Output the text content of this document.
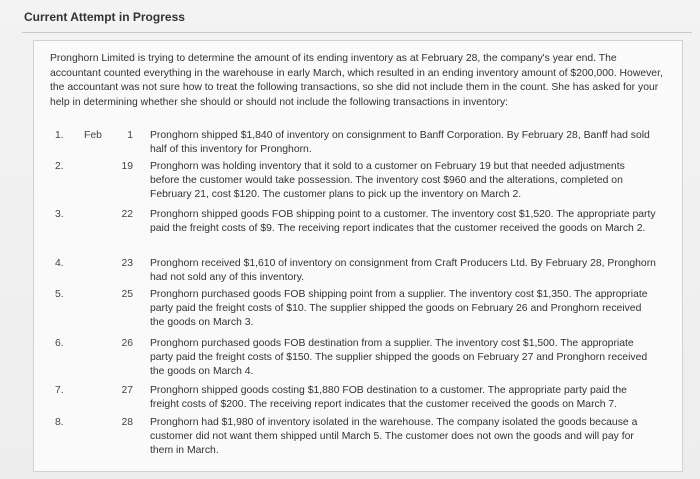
Current Attempt in Progress
Pronghorn Limited is trying to determine the amount of its ending inventory as at February 28, the company's year end. The accountant counted everything in the warehouse in early March, which resulted in an ending inventory amount of $200,000. However, the accountant was not sure how to treat the following transactions, so she did not include them in the count. She has asked for your help in determining whether she should or should not include the following transactions in inventory:
1.	Feb	1 Pronghorn shipped $1,840 of inventory on consignment to Banff Corporation. By February 28, Banff had sold half of this inventory for Pronghorn.
2.	19 Pronghorn was holding inventory that it sold to a customer on February 19 but that needed adjustments before the customer would take possession. The inventory cost $960 and the alterations, completed on February 21, cost $120. The customer plans to pick up the inventory on March 2.
3.	22 Pronghorn shipped goods FOB shipping point to a customer. The inventory cost $1,520. The appropriate party paid the freight costs of $9. The receiving report indicates that the customer received the goods on March 2.
4.	23 Pronghorn received $1,610 of inventory on consignment from Craft Producers Ltd. By February 28, Pronghorn had not sold any of this inventory.
5.	25 Pronghorn purchased goods FOB shipping point from a supplier. The inventory cost $1,350. The appropriate party paid the freight costs of $10. The supplier shipped the goods on February 26 and Pronghorn received the goods on March 3.
6.	26 Pronghorn purchased goods FOB destination from a supplier. The inventory cost $1,500. The appropriate party paid the freight costs of $150. The supplier shipped the goods on February 27 and Pronghorn received the goods on March 4.
7.	27 Pronghorn shipped goods costing $1,880 FOB destination to a customer. The appropriate party paid the freight costs of $200. The receiving report indicates that the customer received the goods on March 7.
8.	28 Pronghorn had $1,980 of inventory isolated in the warehouse. The company isolated the goods because a customer did not want them shipped until March 5. The customer does not own the goods and will pay for them in March.
